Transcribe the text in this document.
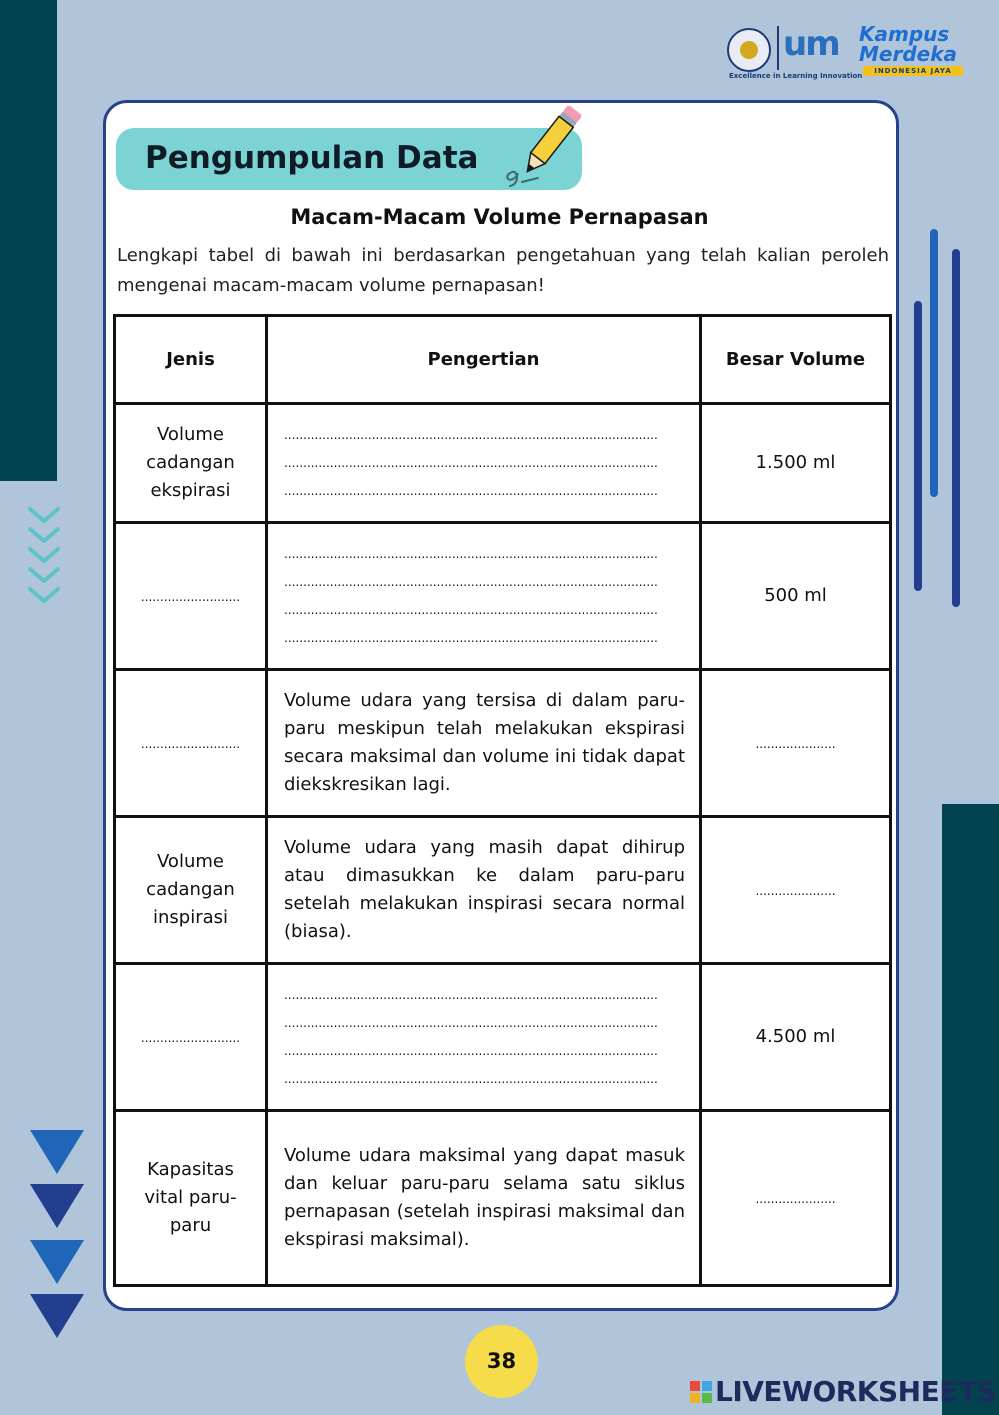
um Kampus
Merdeka
INDONESIA JAYA
Excellence in Learning Innovation
Pengumpulan Data
Macam-Macam Volume Pernapasan
Lengkapi tabel di bawah ini berdasarkan pengetahuan yang telah kalian peroleh mengenai macam-macam volume pernapasan!
Jenis	Pengertian	Besar Volume
Volume cadangan ekspirasi	..................................................................................................
..................................................................................................
..................................................................................................	1.500 ml
..........................	..................................................................................................
..................................................................................................
..................................................................................................
..................................................................................................	500 ml
..........................	Volume udara yang tersisa di dalam paru-paru meskipun telah melakukan ekspirasi secara maksimal dan volume ini tidak dapat diekskresikan lagi.	.....................
Volume cadangan inspirasi	Volume udara yang masih dapat dihirup atau dimasukkan ke dalam paru-paru setelah melakukan inspirasi secara normal (biasa).	.....................
..........................	..................................................................................................
..................................................................................................
..................................................................................................
..................................................................................................	4.500 ml
Kapasitas vital paru-paru	Volume udara maksimal yang dapat masuk dan keluar paru-paru selama satu siklus pernapasan (setelah inspirasi maksimal dan ekspirasi maksimal).	.....................
38
LIVEWORKSHEETS
